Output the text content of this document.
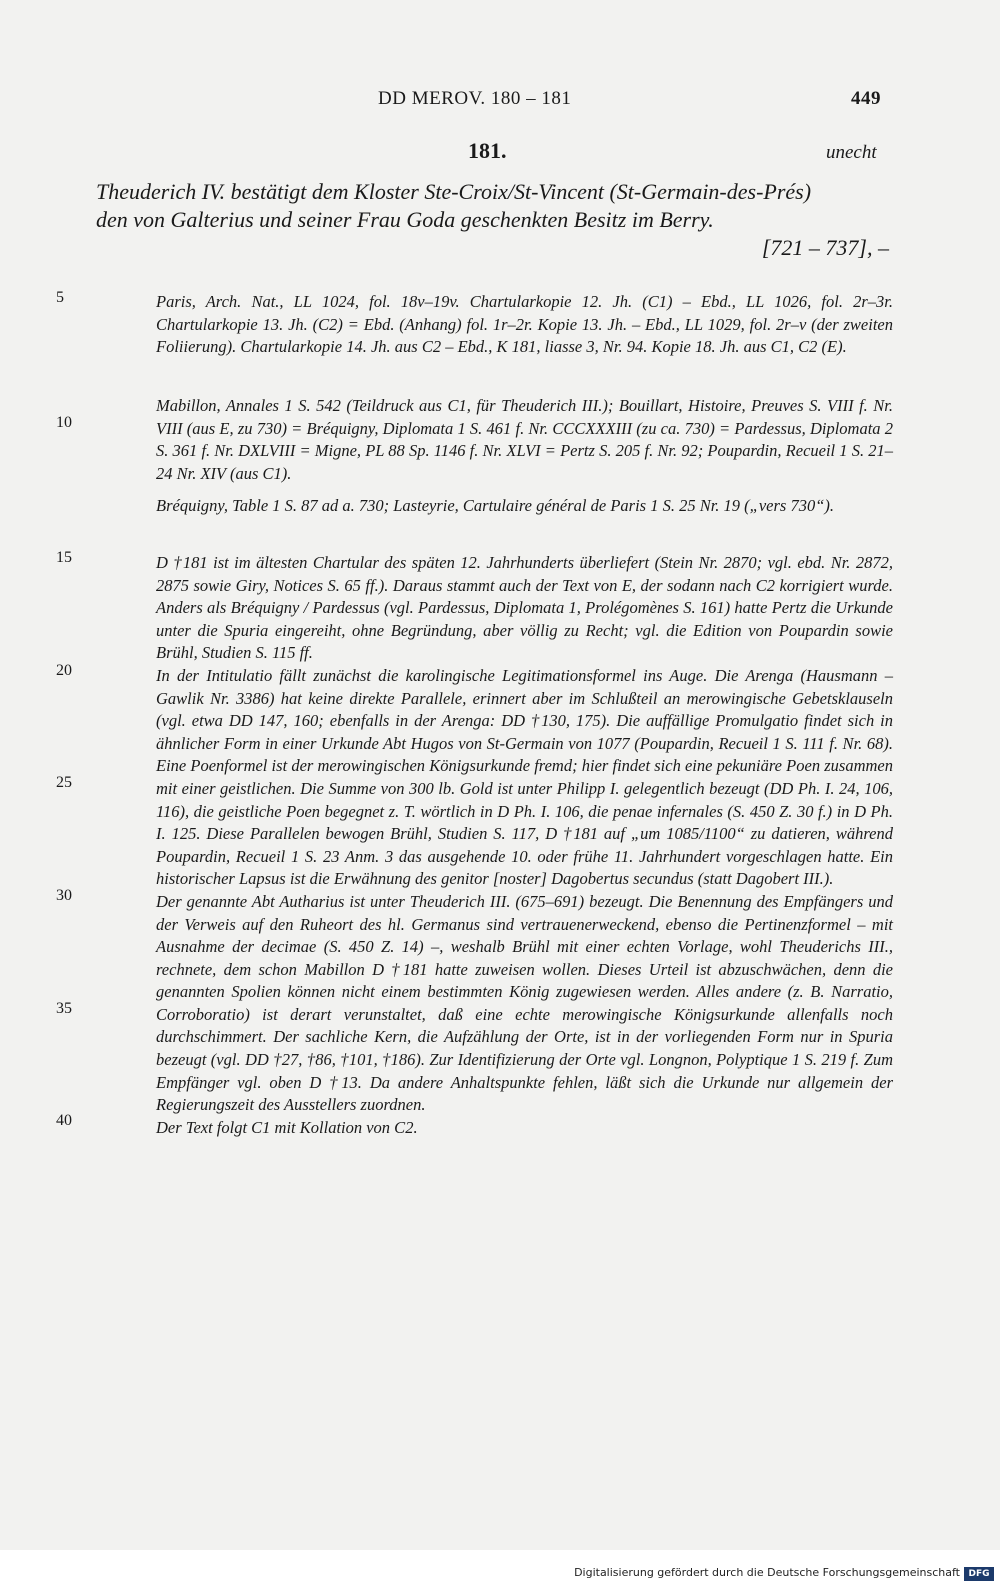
DD MEROV. 180 – 181	449
181.	unecht
Theuderich IV. bestätigt dem Kloster Ste-Croix/St-Vincent (St-Germain-des-Prés)
den von Galterius und seiner Frau Goda geschenkten Besitz im Berry.
[721 – 737], –
5
10
15
20
25
30
35
40

Paris, Arch. Nat., LL 1024, fol. 18v–19v. Chartularkopie 12. Jh. (C1) – Ebd., LL 1026, fol. 2r–3r. Chartularkopie 13. Jh. (C2) = Ebd. (Anhang) fol. 1r–2r. Kopie 13. Jh. – Ebd., LL 1029, fol. 2r–v (der zweiten Foliierung). Chartularkopie 14. Jh. aus C2 – Ebd., K 181, liasse 3, Nr. 94. Kopie 18. Jh. aus C1, C2 (E).

Mabillon, Annales 1 S. 542 (Teildruck aus C1, für Theuderich III.); Bouillart, Histoire, Preuves S. VIII f. Nr. VIII (aus E, zu 730) = Bréquigny, Diplomata 1 S. 461 f. Nr. CCCXXXIII (zu ca. 730) = Pardessus, Diplomata 2 S. 361 f. Nr. DXLVIII = Migne, PL 88 Sp. 1146 f. Nr. XLVI = Pertz S. 205 f. Nr. 92; Poupardin, Recueil 1 S. 21–24 Nr. XIV (aus C1).

Bréquigny, Table 1 S. 87 ad a. 730; Lasteyrie, Cartulaire général de Paris 1 S. 25 Nr. 19 („vers 730“).

D †181 ist im ältesten Chartular des späten 12. Jahrhunderts überliefert (Stein Nr. 2870; vgl. ebd. Nr. 2872, 2875 sowie Giry, Notices S. 65 ff.). Daraus stammt auch der Text von E, der sodann nach C2 korrigiert wurde. Anders als Bréquigny / Pardessus (vgl. Pardessus, Diplomata 1, Prolégomènes S. 161) hatte Pertz die Urkunde unter die Spuria eingereiht, ohne Begründung, aber völlig zu Recht; vgl. die Edition von Poupardin sowie Brühl, Studien S. 115 ff.

In der Intitulatio fällt zunächst die karolingische Legitimationsformel ins Auge. Die Arenga (Hausmann – Gawlik Nr. 3386) hat keine direkte Parallele, erinnert aber im Schlußteil an merowingische Gebetsklauseln (vgl. etwa DD 147, 160; ebenfalls in der Arenga: DD †130, 175). Die auffällige Promulgatio findet sich in ähnlicher Form in einer Urkunde Abt Hugos von St-Germain von 1077 (Poupardin, Recueil 1 S. 111 f. Nr. 68). Eine Poenformel ist der merowingischen Königsurkunde fremd; hier findet sich eine pekuniäre Poen zusammen mit einer geistlichen. Die Summe von 300 lb. Gold ist unter Philipp I. gelegentlich bezeugt (DD Ph. I. 24, 106, 116), die geistliche Poen begegnet z. T. wörtlich in D Ph. I. 106, die penae infernales (S. 450 Z. 30 f.) in D Ph. I. 125. Diese Parallelen bewogen Brühl, Studien S. 117, D †181 auf „um 1085/1100“ zu datieren, während Poupardin, Recueil 1 S. 23 Anm. 3 das ausgehende 10. oder frühe 11. Jahrhundert vorgeschlagen hatte. Ein historischer Lapsus ist die Erwähnung des genitor [noster] Dagobertus secundus (statt Dagobert III.).

Der genannte Abt Autharius ist unter Theuderich III. (675–691) bezeugt. Die Benennung des Empfängers und der Verweis auf den Ruheort des hl. Germanus sind vertrauenerweckend, ebenso die Pertinenzformel – mit Ausnahme der decimae (S. 450 Z. 14) –, weshalb Brühl mit einer echten Vorlage, wohl Theuderichs III., rechnete, dem schon Mabillon D †181 hatte zuweisen wollen. Dieses Urteil ist abzuschwächen, denn die genannten Spolien können nicht einem bestimmten König zugewiesen werden. Alles andere (z. B. Narratio, Corroboratio) ist derart verunstaltet, daß eine echte merowingische Königsurkunde allenfalls noch durchschimmert. Der sachliche Kern, die Aufzählung der Orte, ist in der vorliegenden Form nur in Spuria bezeugt (vgl. DD †27, †86, †101, †186). Zur Identifizierung der Orte vgl. Longnon, Polyptique 1 S. 219 f. Zum Empfänger vgl. oben D †13. Da andere Anhaltspunkte fehlen, läßt sich die Urkunde nur allgemein der Regierungszeit des Ausstellers zuordnen.

Der Text folgt C1 mit Kollation von C2.

Digitalisierung gefördert durch die Deutsche Forschungsgemeinschaft DFG
